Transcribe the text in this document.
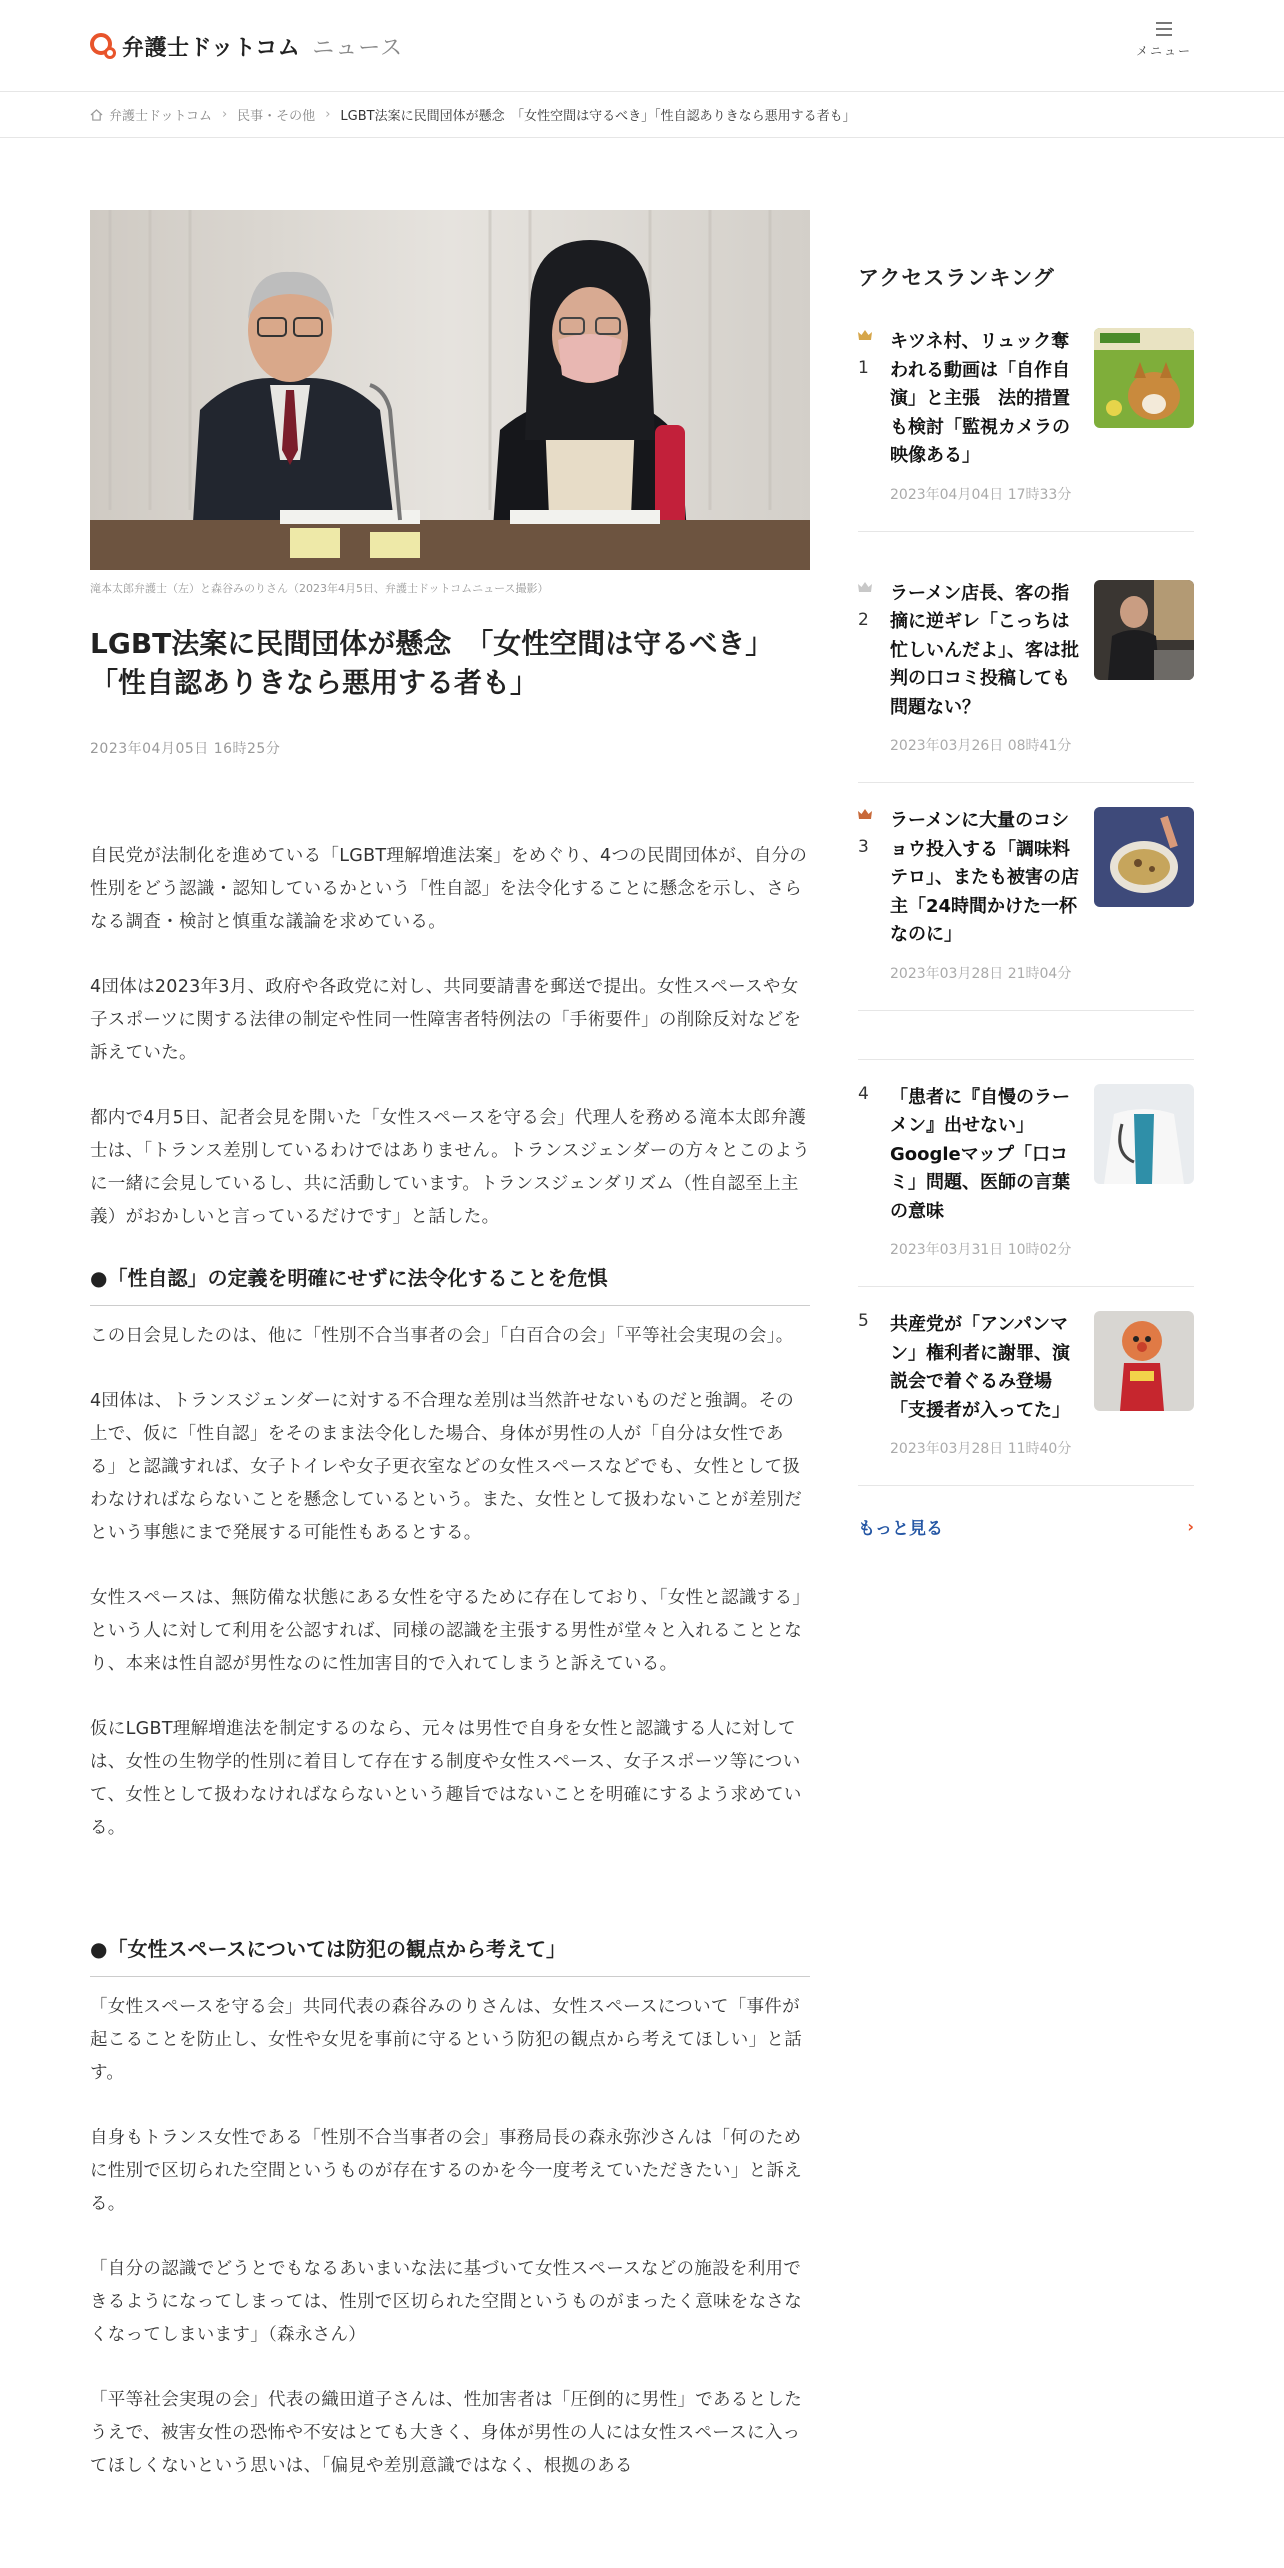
弁護士ドットコム ニュース	メニュー
弁護士ドットコム › 民事・その他 › LGBT法案に民間団体が懸念　「女性空間は守るべき」「性自認ありきなら悪用する者も」
滝本太郎弁護士（左）と森谷みのりさん（2023年4月5日、弁護士ドットコムニュース撮影）
LGBT法案に民間団体が懸念　「女性空間は守るべき」「性自認ありきなら悪用する者も」
2023年04月05日 16時25分

自民党が法制化を進めている「LGBT理解増進法案」をめぐり、4つの民間団体が、自分の性別をどう認識・認知しているかという「性自認」を法令化することに懸念を示し、さらなる調査・検討と慎重な議論を求めている。

4団体は2023年3月、政府や各政党に対し、共同要請書を郵送で提出。女性スペースや女子スポーツに関する法律の制定や性同一性障害者特例法の「手術要件」の削除反対などを訴えていた。

都内で4月5日、記者会見を開いた「女性スペースを守る会」代理人を務める滝本太郎弁護士は、「トランス差別しているわけではありません。トランスジェンダーの方々とこのように一緒に会見しているし、共に活動しています。トランスジェンダリズム（性自認至上主義）がおかしいと言っているだけです」と話した。

●「性自認」の定義を明確にせずに法令化することを危惧

この日会見したのは、他に「性別不合当事者の会」「白百合の会」「平等社会実現の会」。

4団体は、トランスジェンダーに対する不合理な差別は当然許せないものだと強調。その上で、仮に「性自認」をそのまま法令化した場合、身体が男性の人が「自分は女性である」と認識すれば、女子トイレや女子更衣室などの女性スペースなどでも、女性として扱わなければならないことを懸念しているという。また、女性として扱わないことが差別だという事態にまで発展する可能性もあるとする。

女性スペースは、無防備な状態にある女性を守るために存在しており、「女性と認識する」という人に対して利用を公認すれば、同様の認識を主張する男性が堂々と入れることとなり、本来は性自認が男性なのに性加害目的で入れてしまうと訴えている。

仮にLGBT理解増進法を制定するのなら、元々は男性で自身を女性と認識する人に対しては、女性の生物学的性別に着目して存在する制度や女性スペース、女子スポーツ等について、女性として扱わなければならないという趣旨ではないことを明確にするよう求めている。

●「女性スペースについては防犯の観点から考えて」

「女性スペースを守る会」共同代表の森谷みのりさんは、女性スペースについて「事件が起こることを防止し、女性や女児を事前に守るという防犯の観点から考えてほしい」と話す。

自身もトランス女性である「性別不合当事者の会」事務局長の森永弥沙さんは「何のために性別で区切られた空間というものが存在するのかを今一度考えていただきたい」と訴える。

「自分の認識でどうとでもなるあいまいな法に基づいて女性スペースなどの施設を利用できるようになってしまっては、性別で区切られた空間というものがまったく意味をなさなくなってしまいます」（森永さん）

「平等社会実現の会」代表の織田道子さんは、性加害者は「圧倒的に男性」であるとしたうえで、被害女性の恐怖や不安はとても大きく、身体が男性の人には女性スペースに入ってほしくないという思いは、「偏見や差別意識ではなく、根拠のある

アクセスランキング
1
キツネ村、リュック奪われる動画は「自作自演」と主張　法的措置も検討「監視カメラの映像ある」
2023年04月04日 17時33分
2
ラーメン店長、客の指摘に逆ギレ「こっちは忙しいんだよ」、客は批判の口コミ投稿しても問題ない？
2023年03月26日 08時41分
3
ラーメンに大量のコショウ投入する「調味料テロ」、またも被害の店主「24時間かけた一杯なのに」
2023年03月28日 21時04分
4	「患者に『自慢のラーメン』出せない」Googleマップ「口コミ」問題、医師の言葉の意味
2023年03月31日 10時02分
5	共産党が「アンパンマン」権利者に謝罪、演説会で着ぐるみ登場「支援者が入ってた」
2023年03月28日 11時40分
もっと見る	›
